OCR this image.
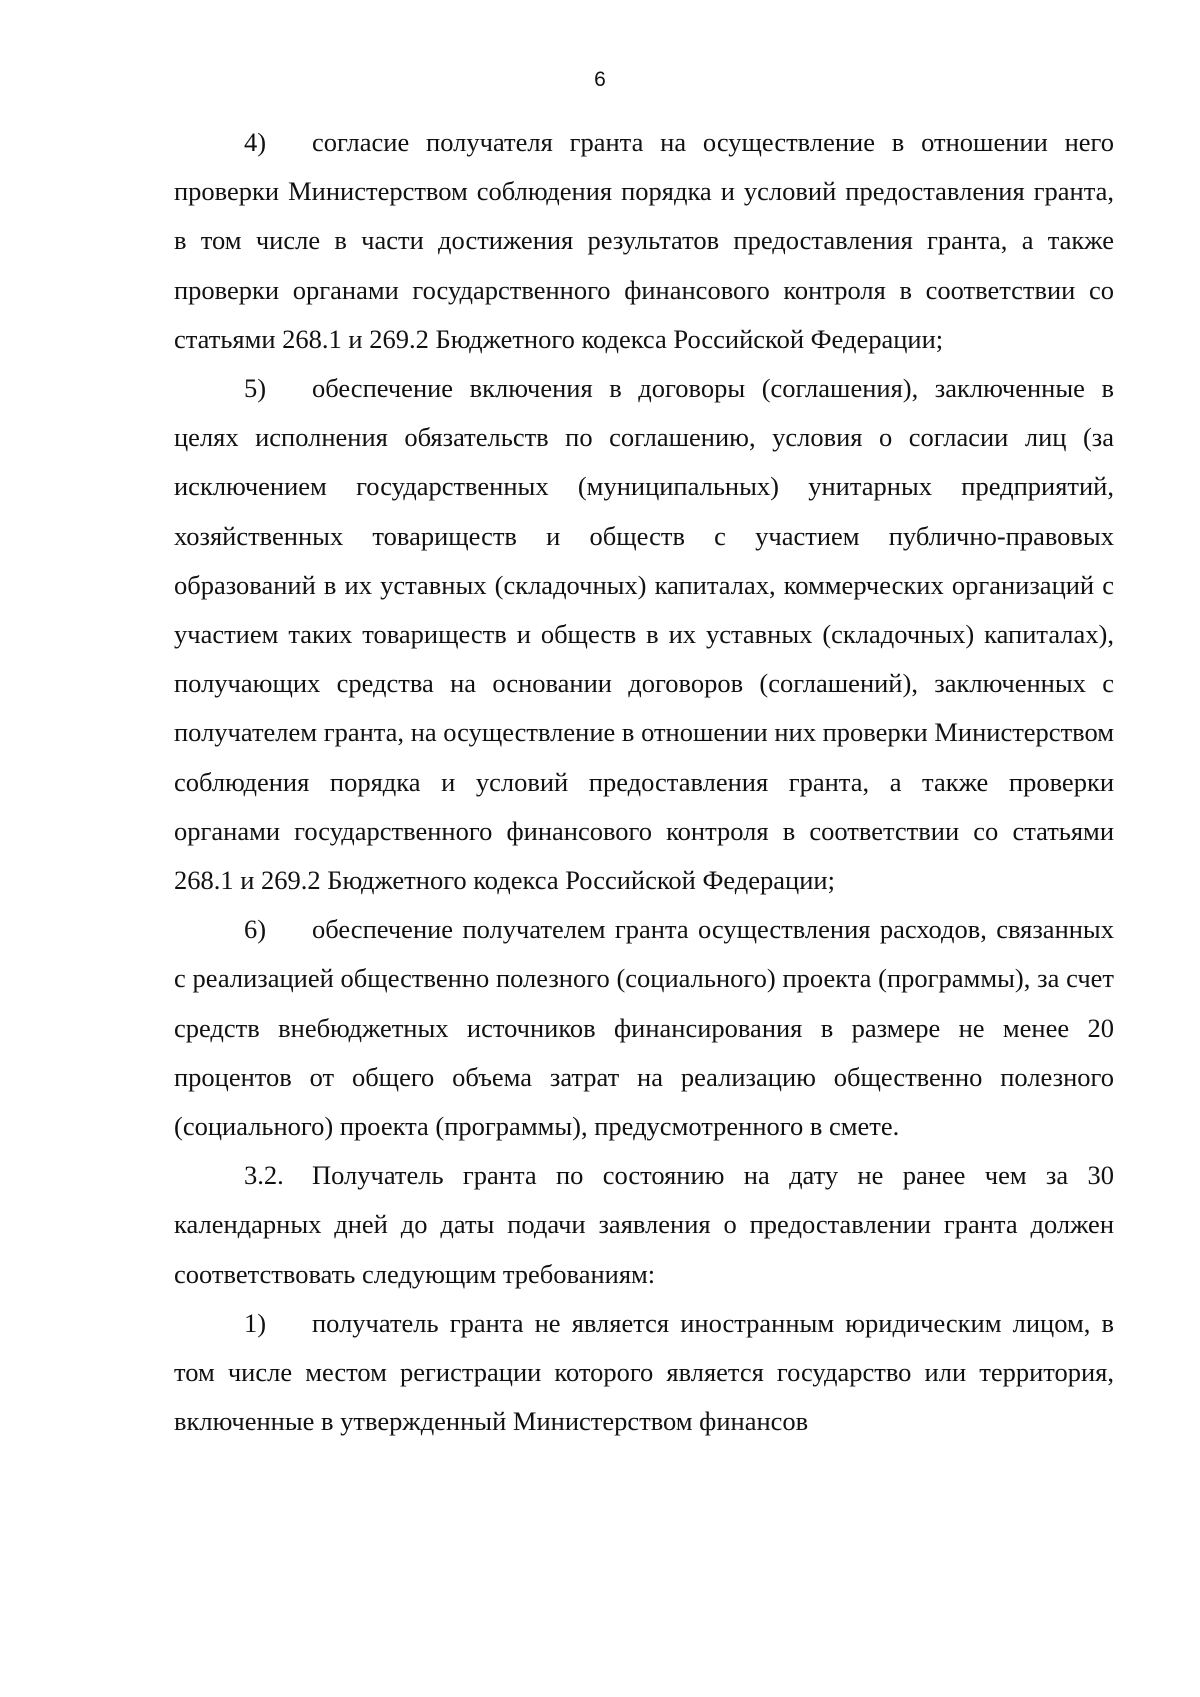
6

4) согласие получателя гранта на осуществление в отношении него проверки Министерством соблюдения порядка и условий предоставления гранта, в том числе в части достижения результатов предоставления гранта, а также проверки органами государственного финансового контроля в соответствии со статьями 268.1 и 269.2 Бюджетного кодекса Российской Федерации;

5) обеспечение включения в договоры (соглашения), заключенные в целях исполнения обязательств по соглашению, условия о согласии лиц (за исключением государственных (муниципальных) унитарных предприятий, хозяйственных товариществ и обществ с участием публично-правовых образований в их уставных (складочных) капиталах, коммерческих организаций с участием таких товариществ и обществ в их уставных (складочных) капиталах), получающих средства на основании договоров (соглашений), заключенных с получателем гранта, на осуществление в отношении них проверки Министерством соблюдения порядка и условий предоставления гранта, а также проверки органами государственного финансового контроля в соответствии со статьями 268.1 и 269.2 Бюджетного кодекса Российской Федерации;

6) обеспечение получателем гранта осуществления расходов, связанных с реализацией общественно полезного (социального) проекта (программы), за счет средств внебюджетных источников финансирования в размере не менее 20 процентов от общего объема затрат на реализацию общественно полезного (социального) проекта (программы), предусмотренного в смете.

3.2. Получатель гранта по состоянию на дату не ранее чем за 30 календарных дней до даты подачи заявления о предоставлении гранта должен соответствовать следующим требованиям:

1) получатель гранта не является иностранным юридическим лицом, в том числе местом регистрации которого является государство или территория, включенные в утвержденный Министерством финансов
